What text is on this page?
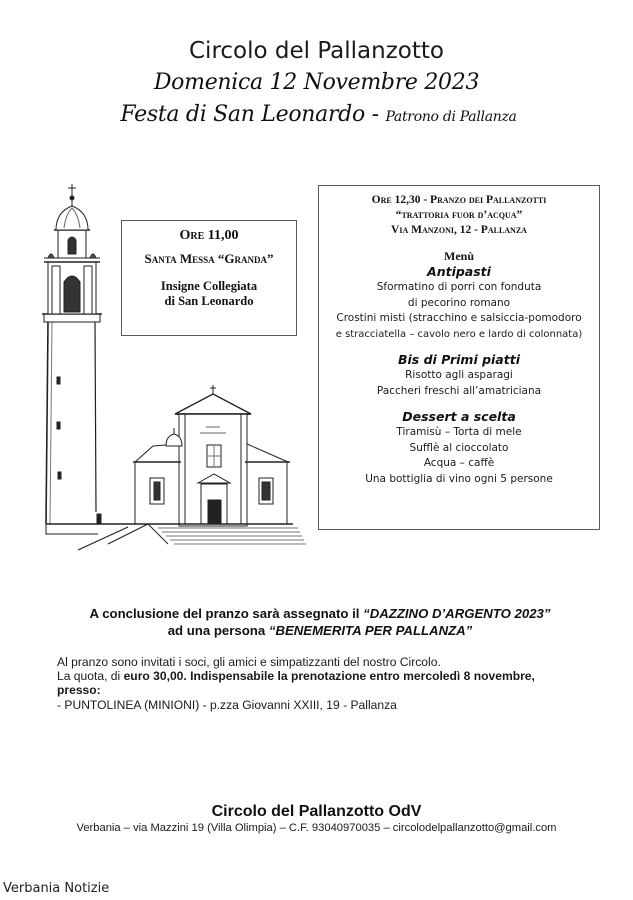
Circolo del Pallanzotto
Domenica 12 Novembre 2023
Festa di San Leonardo - Patrono di Pallanza
Ore 11,00
Santa Messa “Granda”
Insigne Collegiata
di San Leonardo
Ore 12,30 - Pranzo dei Pallanzotti
“trattoria fuor d’acqua”
Via Manzoni, 12 - Pallanza
Menù
Antipasti
Sformatino di porri con fonduta
di pecorino romano
Crostini misti (stracchino e salsiccia-pomodoro
e stracciatella – cavolo nero e lardo di colonnata)
Bis di Primi piatti
Risotto agli asparagi
Paccheri freschi all’amatriciana
Dessert a scelta
Tiramisù – Torta di mele
Sufflè al cioccolato
Acqua – caffè
Una bottiglia di vino ogni 5 persone
A conclusione del pranzo sarà assegnato il “DAZZINO D’ARGENTO 2023”
ad una persona “BENEMERITA PER PALLANZA”
Al pranzo sono invitati i soci, gli amici e simpatizzanti del nostro Circolo.
La quota, di euro 30,00. Indispensabile la prenotazione entro mercoledì 8 novembre,
presso:
- PUNTOLINEA (MINIONI) - p.zza Giovanni XXIII, 19 - Pallanza
Circolo del Pallanzotto OdV
Verbania – via Mazzini 19 (Villa Olimpia) – C.F. 93040970035 – circolodelpallanzotto@gmail.com
Verbania Notizie
